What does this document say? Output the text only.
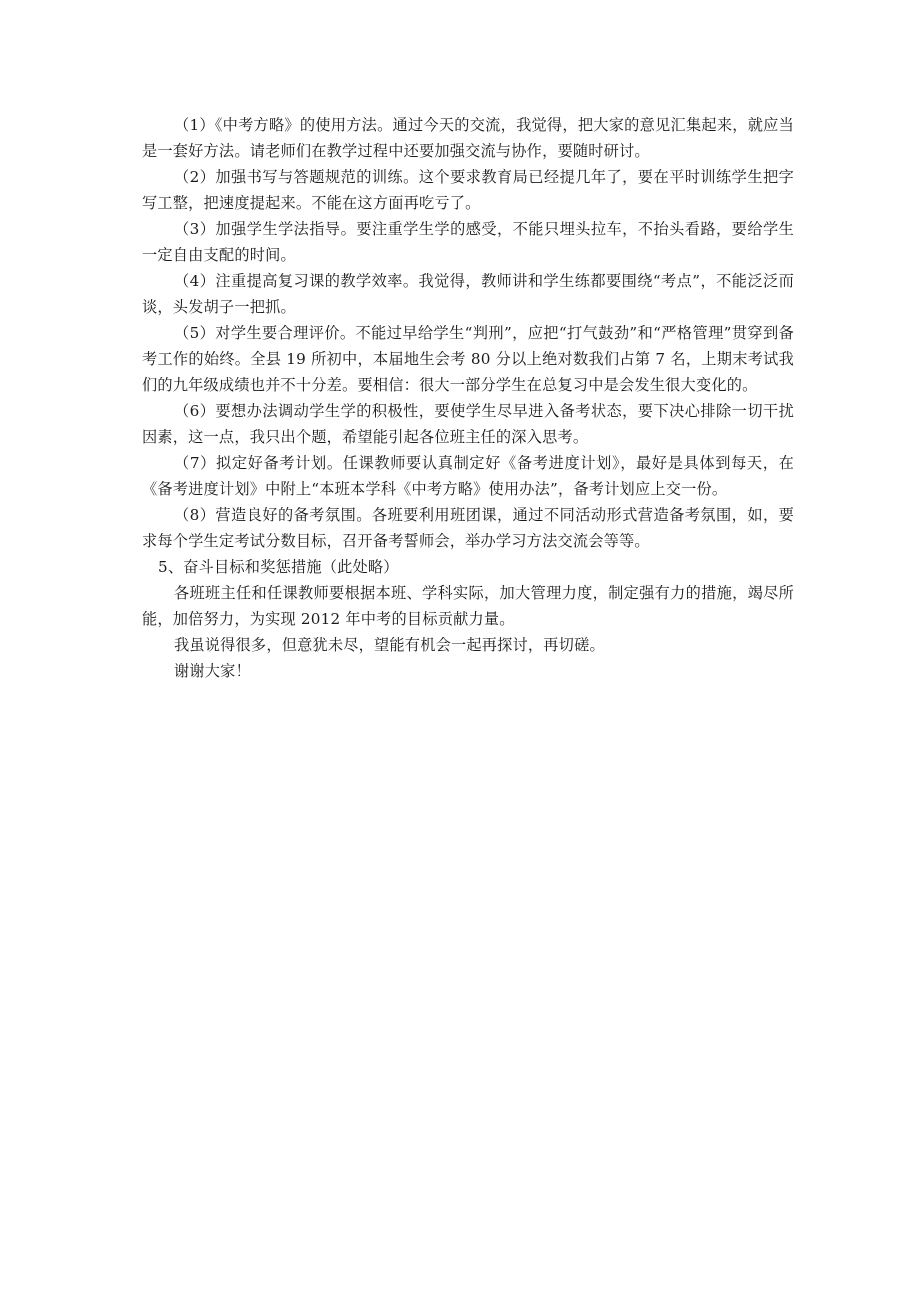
（1）《中考方略》的使用方法。通过今天的交流，我觉得，把大家的意见汇集起来，就应当是一套好方法。请老师们在教学过程中还要加强交流与协作，要随时研讨。

（2）加强书写与答题规范的训练。这个要求教育局已经提几年了，要在平时训练学生把字写工整，把速度提起来。不能在这方面再吃亏了。

（3）加强学生学法指导。要注重学生学的感受，不能只埋头拉车，不抬头看路，要给学生一定自由支配的时间。

（4）注重提高复习课的教学效率。我觉得，教师讲和学生练都要围绕“考点”，不能泛泛而谈，头发胡子一把抓。

（5）对学生要合理评价。不能过早给学生“判刑”，应把“打气鼓劲”和“严格管理”贯穿到备考工作的始终。全县 19 所初中，本届地生会考 80 分以上绝对数我们占第 7 名，上期末考试我们的九年级成绩也并不十分差。要相信：很大一部分学生在总复习中是会发生很大变化的。

（6）要想办法调动学生学的积极性，要使学生尽早进入备考状态，要下决心排除一切干扰因素，这一点，我只出个题，希望能引起各位班主任的深入思考。

（7）拟定好备考计划。任课教师要认真制定好《备考进度计划》，最好是具体到每天，在《备考进度计划》中附上“本班本学科《中考方略》使用办法”，备考计划应上交一份。

（8）营造良好的备考氛围。各班要利用班团课，通过不同活动形式营造备考氛围，如，要求每个学生定考试分数目标，召开备考誓师会，举办学习方法交流会等等。

5、奋斗目标和奖惩措施（此处略）

各班班主任和任课教师要根据本班、学科实际，加大管理力度，制定强有力的措施，竭尽所能，加倍努力，为实现 2012 年中考的目标贡献力量。

我虽说得很多，但意犹未尽，望能有机会一起再探讨，再切磋。

谢谢大家！
